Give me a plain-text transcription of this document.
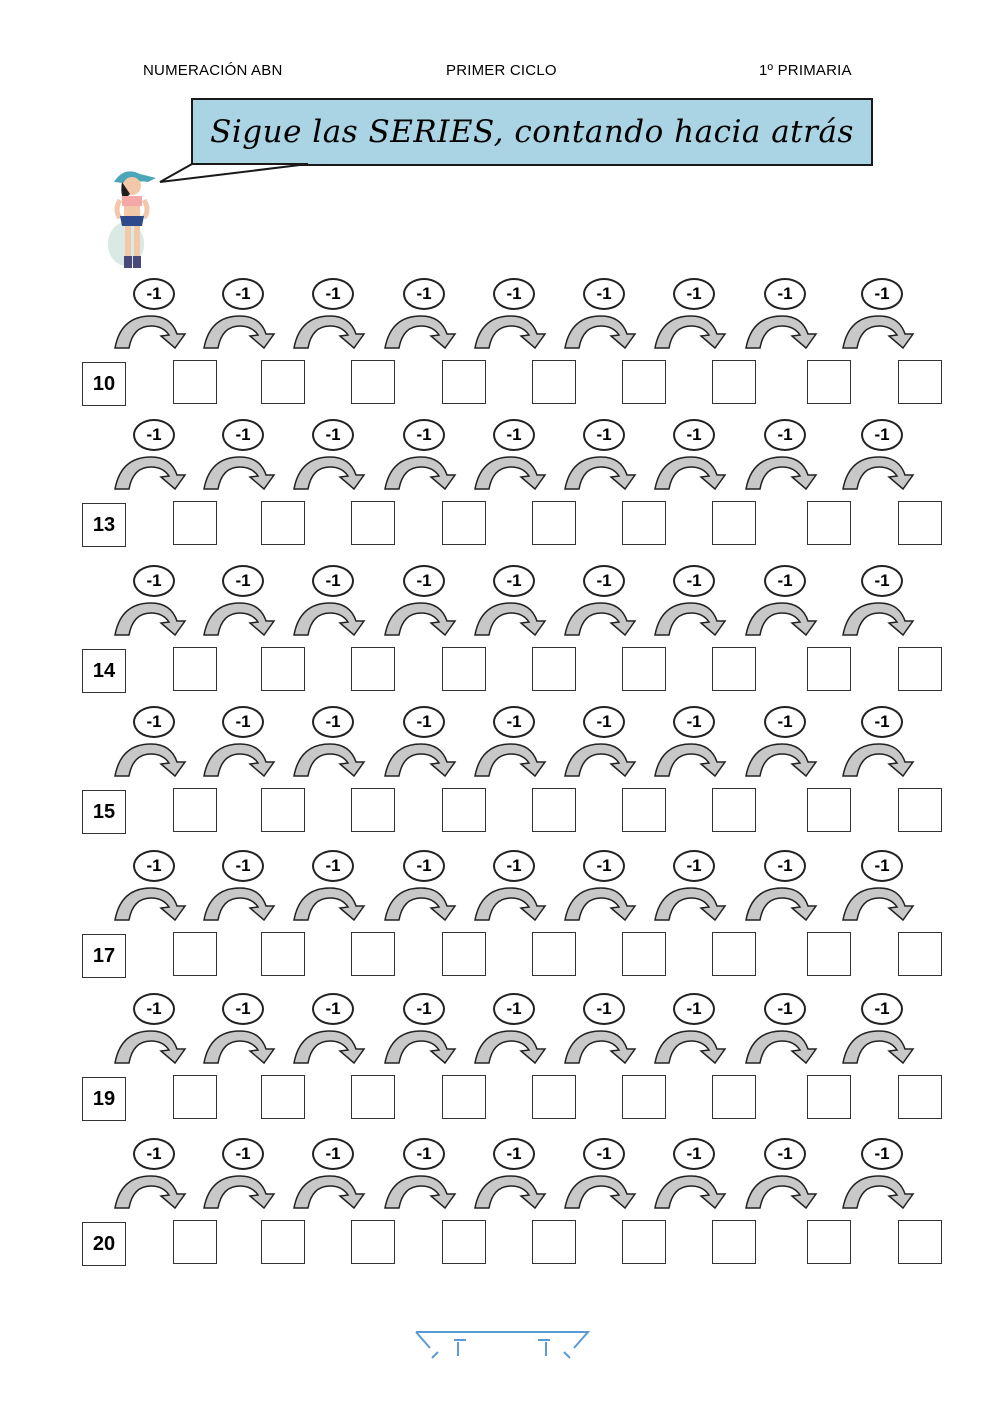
NUMERACIÓN ABN	PRIMER CICLO	1º PRIMARIA
Sigue las SERIES, contando hacia atrás
-1	-1	-1	-1	-1	-1	-1	-1	-1
10
-1	-1	-1	-1	-1	-1	-1	-1	-1
13
-1	-1	-1	-1	-1	-1	-1	-1	-1
14
-1	-1	-1	-1	-1	-1	-1	-1	-1
15
-1	-1	-1	-1	-1	-1	-1	-1	-1
17
-1	-1	-1	-1	-1	-1	-1	-1	-1
19
-1	-1	-1	-1	-1	-1	-1	-1	-1
20
